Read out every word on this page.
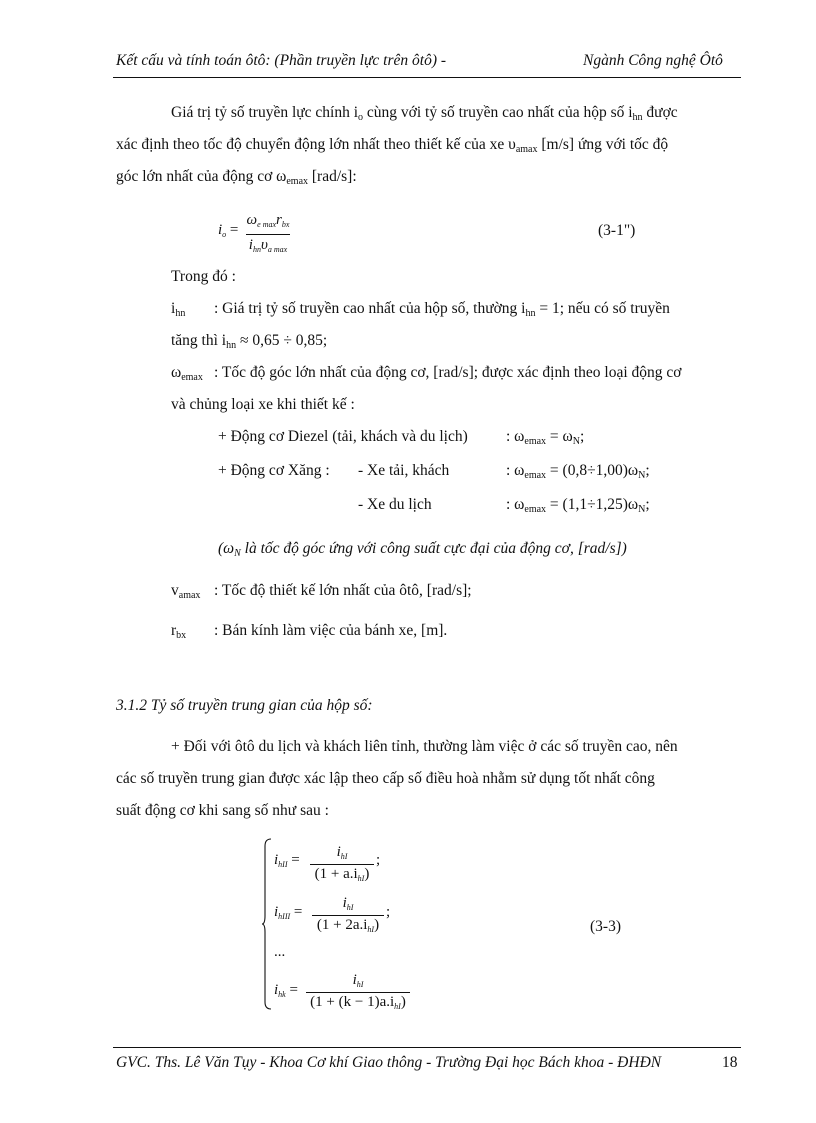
Kết cấu và tính toán ôtô: (Phần truyền lực trên ôtô) -	Ngành Công nghệ Ôtô
Giá trị tỷ số truyền lực chính $i_o$ cùng với tỷ số truyền cao nhất của hộp số $i_{hn}$ được
xác định theo tốc độ chuyển động lớn nhất theo thiết kế của xe $\upsilon_{amax}$ [m/s] ứng với tốc độ
góc lớn nhất của động cơ $\omega_{emax}$ [rad/s]:
$i_o$ =
$\omega_{e max}r_{bx}$
$i_{hn}\upsilon_{a max}$
(3-1")
Trong đó :
$i_{hn}$ : Giá trị tỷ số truyền cao nhất của hộp số, thường $i_{hn} = 1$; nếu có số truyền
tăng thì $i_{hn} \approx 0,65 \div 0,85$;
$\omega_{emax}$ : Tốc độ góc lớn nhất của động cơ, [rad/s]; được xác định theo loại động cơ
và chủng loại xe khi thiết kế :
+ Động cơ Diezel (tải, khách và du lịch) : $\omega_{emax} = \omega_N$;
+ Động cơ Xăng : - Xe tải, khách	: $\omega_{emax} = (0,8\div 1,00)\omega_N$;
- Xe du lịch	: $\omega_{emax} = (1,1\div 1,25)\omega_N$;
($\omega_N$ là tốc độ góc ứng với công suất cực đại của động cơ, [rad/s])
$v_{amax}$ : Tốc độ thiết kế lớn nhất của ôtô, [rad/s];
$r_{bx}$ : Bán kính làm việc của bánh xe, [m].
3.1.2 Tỷ số truyền trung gian của hộp số:
+ Đối với ôtô du lịch và khách liên tỉnh, thường làm việc ở các số truyền cao, nên
các số truyền trung gian được xác lập theo cấp số điều hoà nhằm sử dụng tốt nhất công
suất động cơ khi sang số như sau :
$i_{hII}$ =	$i_{hI}$
$(1 + a.i_{hI})$
;
$i_{hIII}$ =
$i_{hI}$
$(1 + 2a.i_{hI})$
;
(3-3)
...
$i_{hk}$ =
$i_{hI}$
$(1 + (k - 1)a.i_{hI})$
GVC. Ths. Lê Văn Tụy - Khoa Cơ khí Giao thông - Trường Đại học Bách khoa - ĐHĐN	18
